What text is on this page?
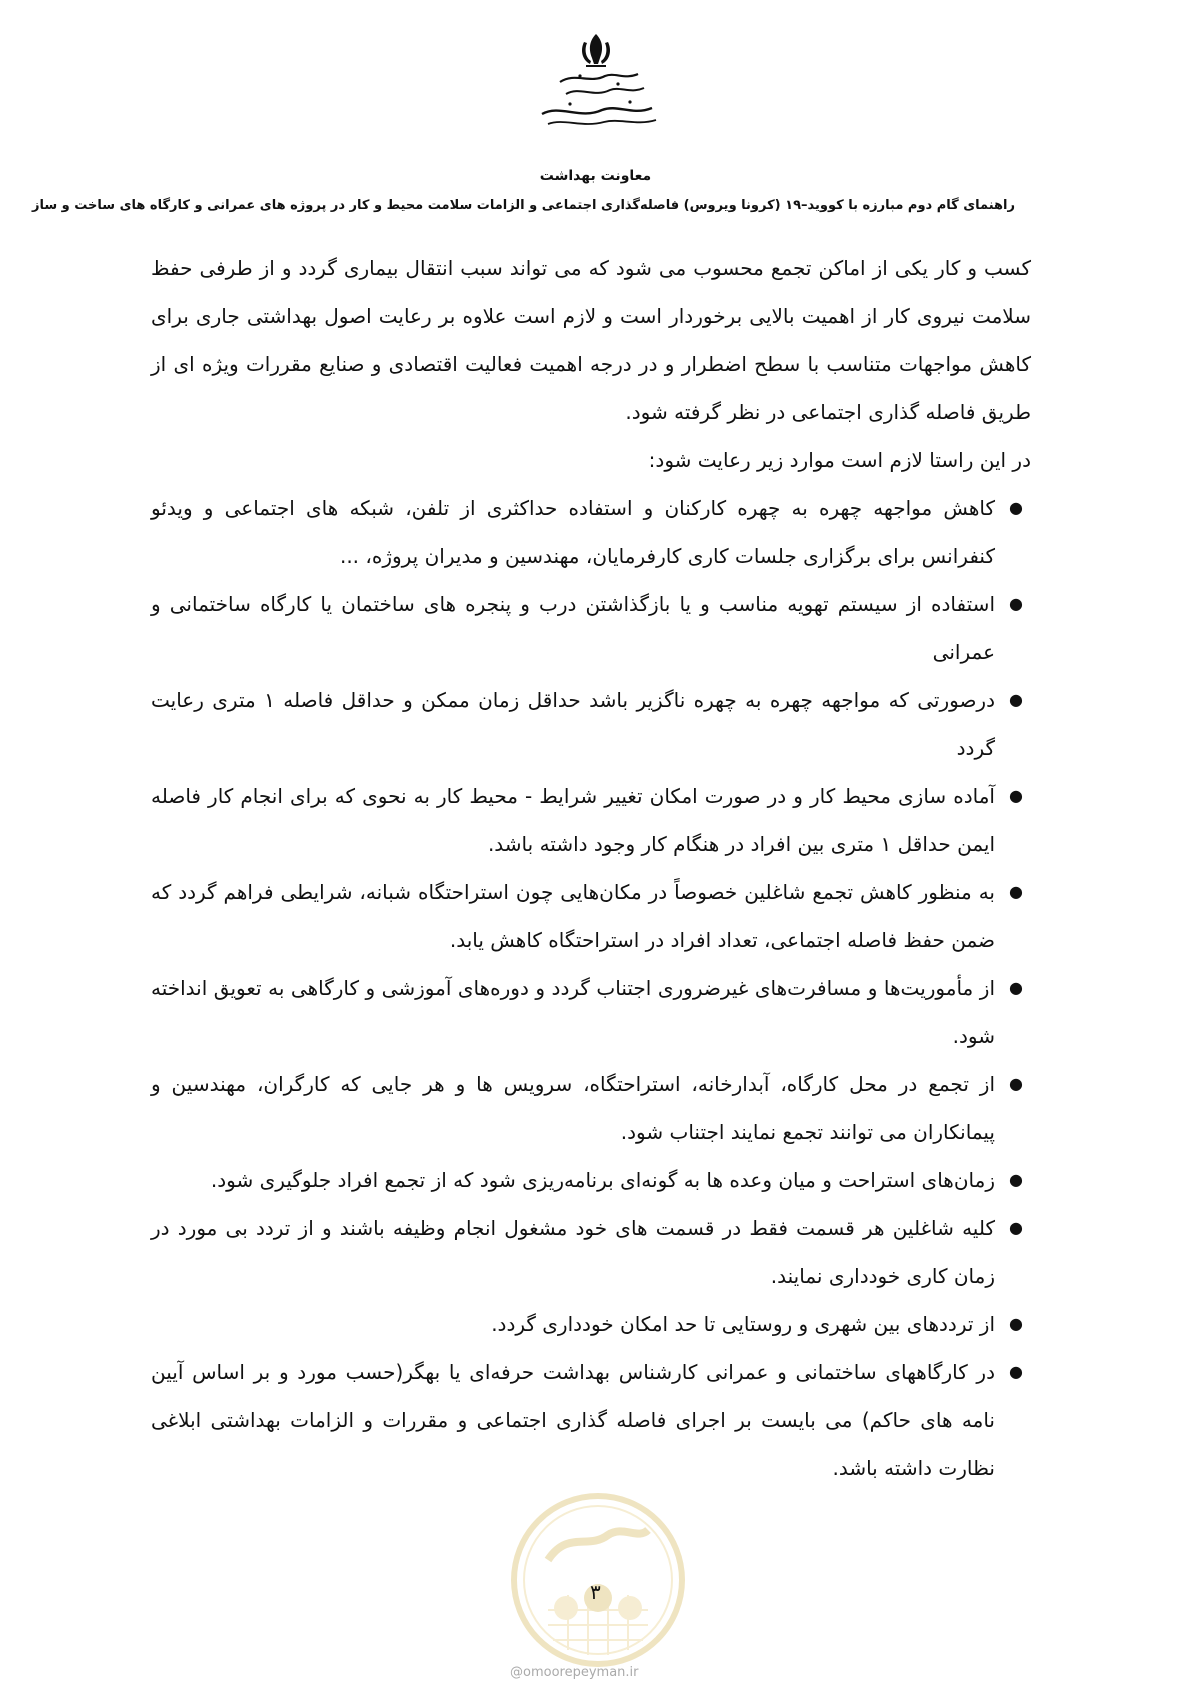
معاونت بهداشت
راهنمای گام دوم مبارزه با کووید–۱۹ (کرونا ویروس) فاصله‌گذاری اجتماعی و الزامات سلامت محیط و کار در پروژه های عمرانی و کارگاه های ساخت و ساز

کسب و کار یکی از اماکن تجمع محسوب می شود که می تواند سبب انتقال بیماری گردد و از طرفی حفظ سلامت نیروی کار از اهمیت بالایی برخوردار است و لازم است علاوه بر رعایت اصول بهداشتی جاری برای کاهش مواجهات متناسب با سطح اضطرار و در درجه اهمیت فعالیت اقتصادی و صنایع مقررات ویژه ای از طریق فاصله گذاری اجتماعی در نظر گرفته شود.

در این راستا لازم است موارد زیر رعایت شود:

●
کاهش مواجهه چهره به چهره کارکنان و استفاده حداکثری از تلفن، شبکه های اجتماعی و ویدئو کنفرانس برای برگزاری جلسات کاری کارفرمایان، مهندسین و مدیران پروژه، ...
●
استفاده از سیستم تهویه مناسب و یا بازگذاشتن درب و پنجره های ساختمان یا کارگاه ساختمانی و عمرانی
●
درصورتی که مواجهه چهره به چهره ناگزیر باشد حداقل زمان ممکن و حداقل فاصله ۱ متری رعایت گردد
●
آماده سازی محیط کار و در صورت امکان تغییر شرایط - محیط کار به نحوی که برای انجام کار فاصله ایمن حداقل ۱ متری بین افراد در هنگام کار وجود داشته باشد.
●
به منظور کاهش تجمع شاغلین خصوصاً در مکان‌هایی چون استراحتگاه شبانه، شرایطی فراهم گردد که ضمن حفظ فاصله اجتماعی، تعداد افراد در استراحتگاه کاهش یابد.
●
از مأموریت‌ها و مسافرت‌های غیرضروری اجتناب گردد و دوره‌های آموزشی و کارگاهی به تعویق انداخته شود.
●
از تجمع در محل کارگاه، آبدارخانه، استراحتگاه، سرویس ها و هر جایی که کارگران، مهندسین و پیمانکاران می توانند تجمع نمایند اجتناب شود.
●
زمان‌های استراحت و میان وعده ها به گونه‌ای برنامه‌ریزی شود که از تجمع افراد جلوگیری شود.
●
کلیه شاغلین هر قسمت فقط در قسمت های خود مشغول انجام وظیفه باشند و از تردد بی مورد در زمان کاری خودداری نمایند.
●
از ترددهای بین شهری و روستایی تا حد امکان خودداری گردد.
●
در کارگاههای ساختمانی و عمرانی کارشناس بهداشت حرفه‌ای یا بهگر(حسب مورد و بر اساس آیین نامه های حاکم) می بایست بر اجرای فاصله گذاری اجتماعی و مقررات و الزامات بهداشتی ابلاغی نظارت داشته باشد.
۳
@omoorepeyman.ir
